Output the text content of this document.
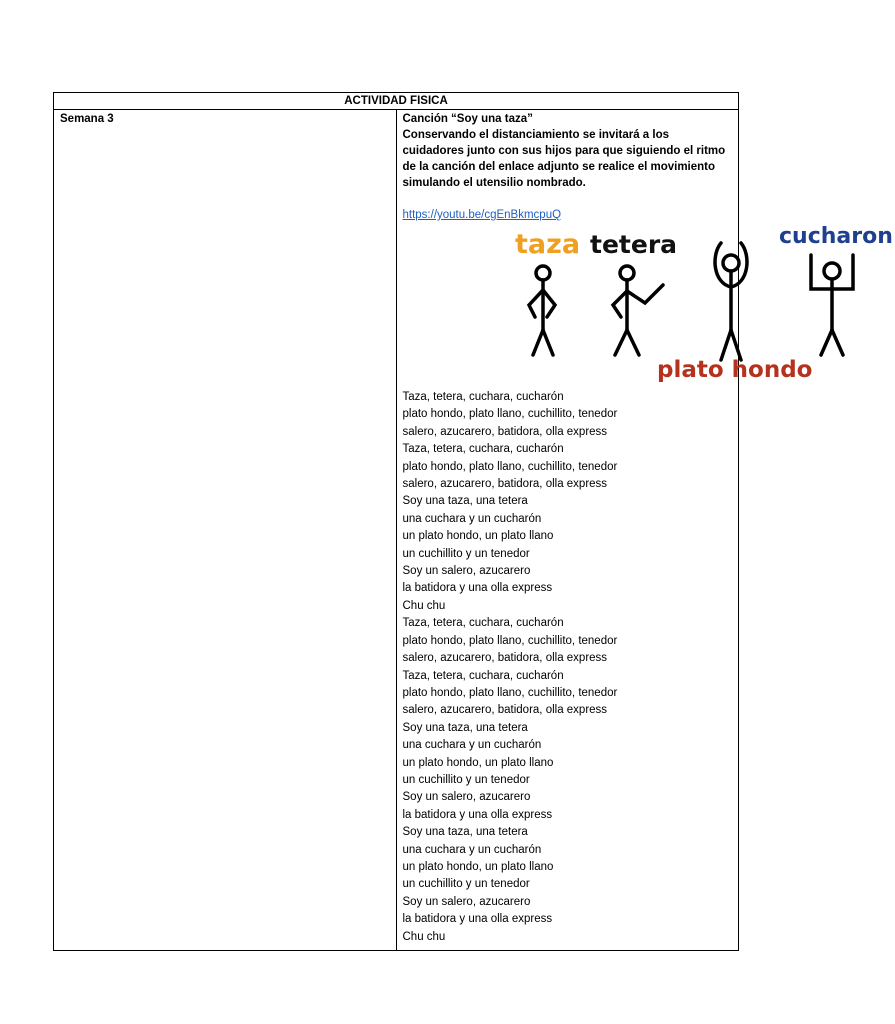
ACTIVIDAD FISICA
Semana 3	Canción “Soy una taza”
Conservando el distanciamiento se invitará a los cuidadores junto con sus hijos para que siguiendo el ritmo de la canción del enlace adjunto se realice el movimiento simulando el utensilio nombrado.
https://youtu.be/cgEnBkmcpuQ
taza tetera	cucharon
plato hondo
Taza, tetera, cuchara, cucharón
plato hondo, plato llano, cuchillito, tenedor
salero, azucarero, batidora, olla express
Taza, tetera, cuchara, cucharón
plato hondo, plato llano, cuchillito, tenedor
salero, azucarero, batidora, olla express
Soy una taza, una tetera
una cuchara y un cucharón
un plato hondo, un plato llano
un cuchillito y un tenedor
Soy un salero, azucarero
la batidora y una olla express
Chu chu
Taza, tetera, cuchara, cucharón
plato hondo, plato llano, cuchillito, tenedor
salero, azucarero, batidora, olla express
Taza, tetera, cuchara, cucharón
plato hondo, plato llano, cuchillito, tenedor
salero, azucarero, batidora, olla express
Soy una taza, una tetera
una cuchara y un cucharón
un plato hondo, un plato llano
un cuchillito y un tenedor
Soy un salero, azucarero
la batidora y una olla express
Soy una taza, una tetera
una cuchara y un cucharón
un plato hondo, un plato llano
un cuchillito y un tenedor
Soy un salero, azucarero
la batidora y una olla express
Chu chu
